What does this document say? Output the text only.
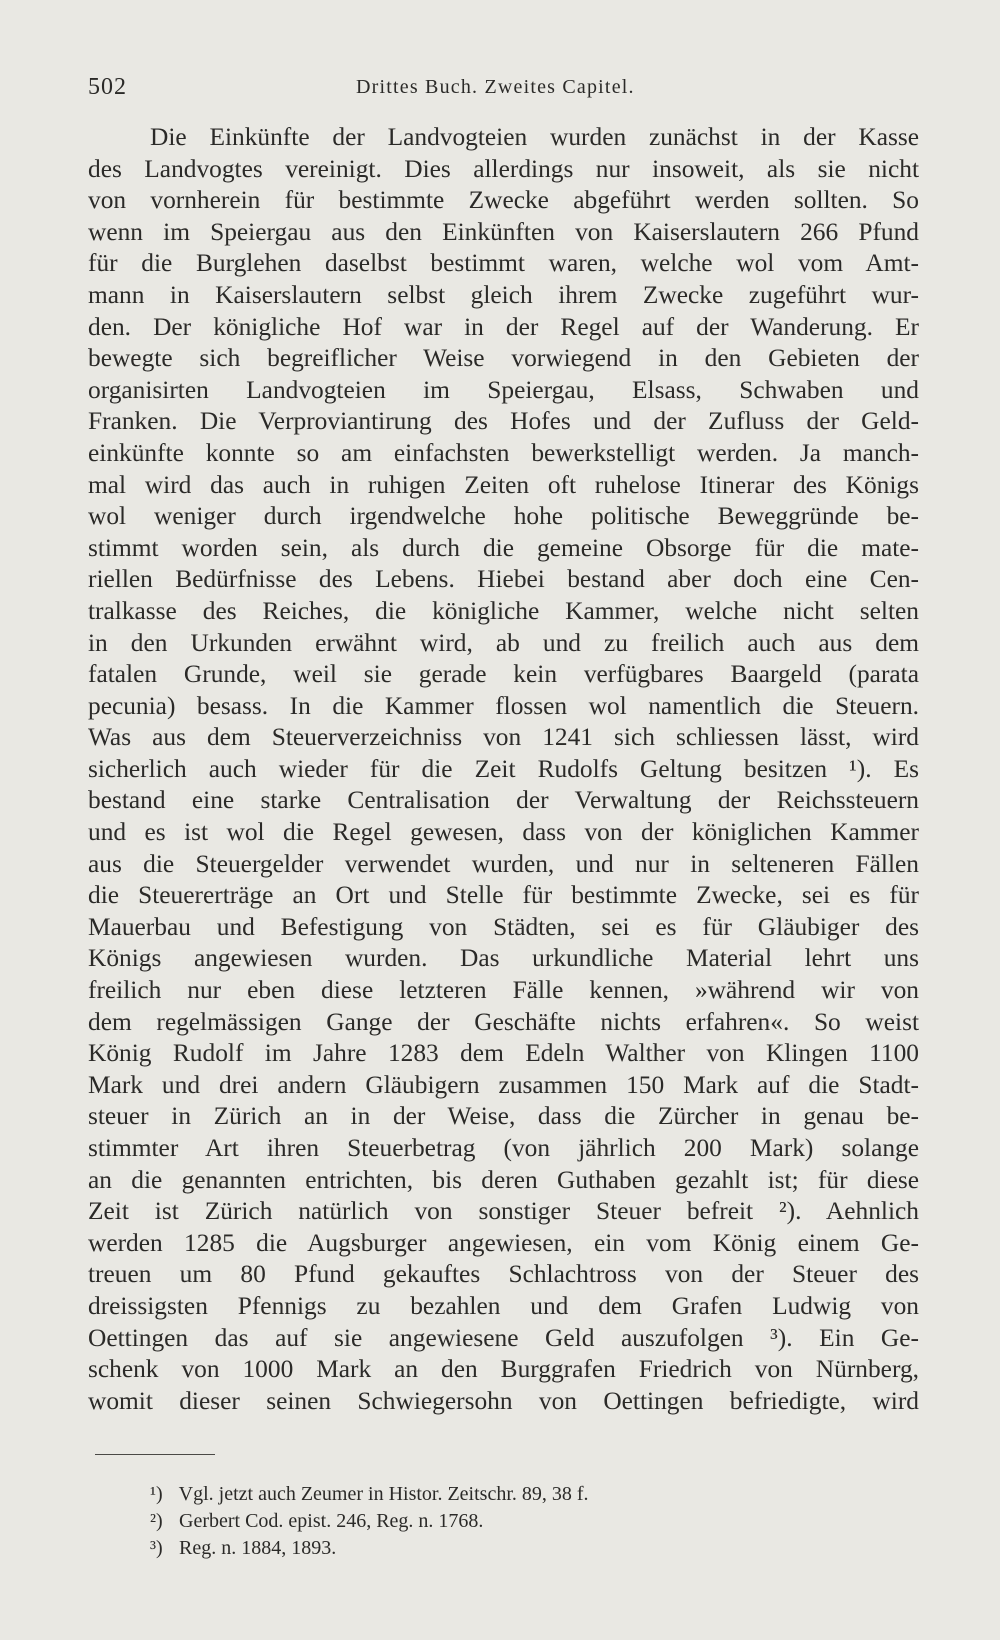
502	Drittes Buch. Zweites Capitel.
Die Einkünfte der Landvogteien wurden zunächst in der Kasse
des Landvogtes vereinigt. Dies allerdings nur insoweit, als sie nicht
von vornherein für bestimmte Zwecke abgeführt werden sollten. So
wenn im Speiergau aus den Einkünften von Kaiserslautern 266 Pfund
für die Burglehen daselbst bestimmt waren, welche wol vom Amt-
mann in Kaiserslautern selbst gleich ihrem Zwecke zugeführt wur-
den. Der königliche Hof war in der Regel auf der Wanderung. Er
bewegte sich begreiflicher Weise vorwiegend in den Gebieten der
organisirten Landvogteien im Speiergau, Elsass, Schwaben und
Franken. Die Verproviantirung des Hofes und der Zufluss der Geld-
einkünfte konnte so am einfachsten bewerkstelligt werden. Ja manch-
mal wird das auch in ruhigen Zeiten oft ruhelose Itinerar des Königs
wol weniger durch irgendwelche hohe politische Beweggründe be-
stimmt worden sein, als durch die gemeine Obsorge für die mate-
riellen Bedürfnisse des Lebens. Hiebei bestand aber doch eine Cen-
tralkasse des Reiches, die königliche Kammer, welche nicht selten
in den Urkunden erwähnt wird, ab und zu freilich auch aus dem
fatalen Grunde, weil sie gerade kein verfügbares Baargeld (parata
pecunia) besass. In die Kammer flossen wol namentlich die Steuern.
Was aus dem Steuerverzeichniss von 1241 sich schliessen lässt, wird
sicherlich auch wieder für die Zeit Rudolfs Geltung besitzen ¹). Es
bestand eine starke Centralisation der Verwaltung der Reichssteuern
und es ist wol die Regel gewesen, dass von der königlichen Kammer
aus die Steuergelder verwendet wurden, und nur in selteneren Fällen
die Steuererträge an Ort und Stelle für bestimmte Zwecke, sei es für
Mauerbau und Befestigung von Städten, sei es für Gläubiger des
Königs angewiesen wurden. Das urkundliche Material lehrt uns
freilich nur eben diese letzteren Fälle kennen, »während wir von
dem regelmässigen Gange der Geschäfte nichts erfahren«. So weist
König Rudolf im Jahre 1283 dem Edeln Walther von Klingen 1100
Mark und drei andern Gläubigern zusammen 150 Mark auf die Stadt-
steuer in Zürich an in der Weise, dass die Zürcher in genau be-
stimmter Art ihren Steuerbetrag (von jährlich 200 Mark) solange
an die genannten entrichten, bis deren Guthaben gezahlt ist; für diese
Zeit ist Zürich natürlich von sonstiger Steuer befreit ²). Aehnlich
werden 1285 die Augsburger angewiesen, ein vom König einem Ge-
treuen um 80 Pfund gekauftes Schlachtross von der Steuer des
dreissigsten Pfennigs zu bezahlen und dem Grafen Ludwig von
Oettingen das auf sie angewiesene Geld auszufolgen ³). Ein Ge-
schenk von 1000 Mark an den Burggrafen Friedrich von Nürnberg,
womit dieser seinen Schwiegersohn von Oettingen befriedigte, wird
¹) Vgl. jetzt auch Zeumer in Histor. Zeitschr. 89, 38 f.
²) Gerbert Cod. epist. 246, Reg. n. 1768.
³) Reg. n. 1884, 1893.
